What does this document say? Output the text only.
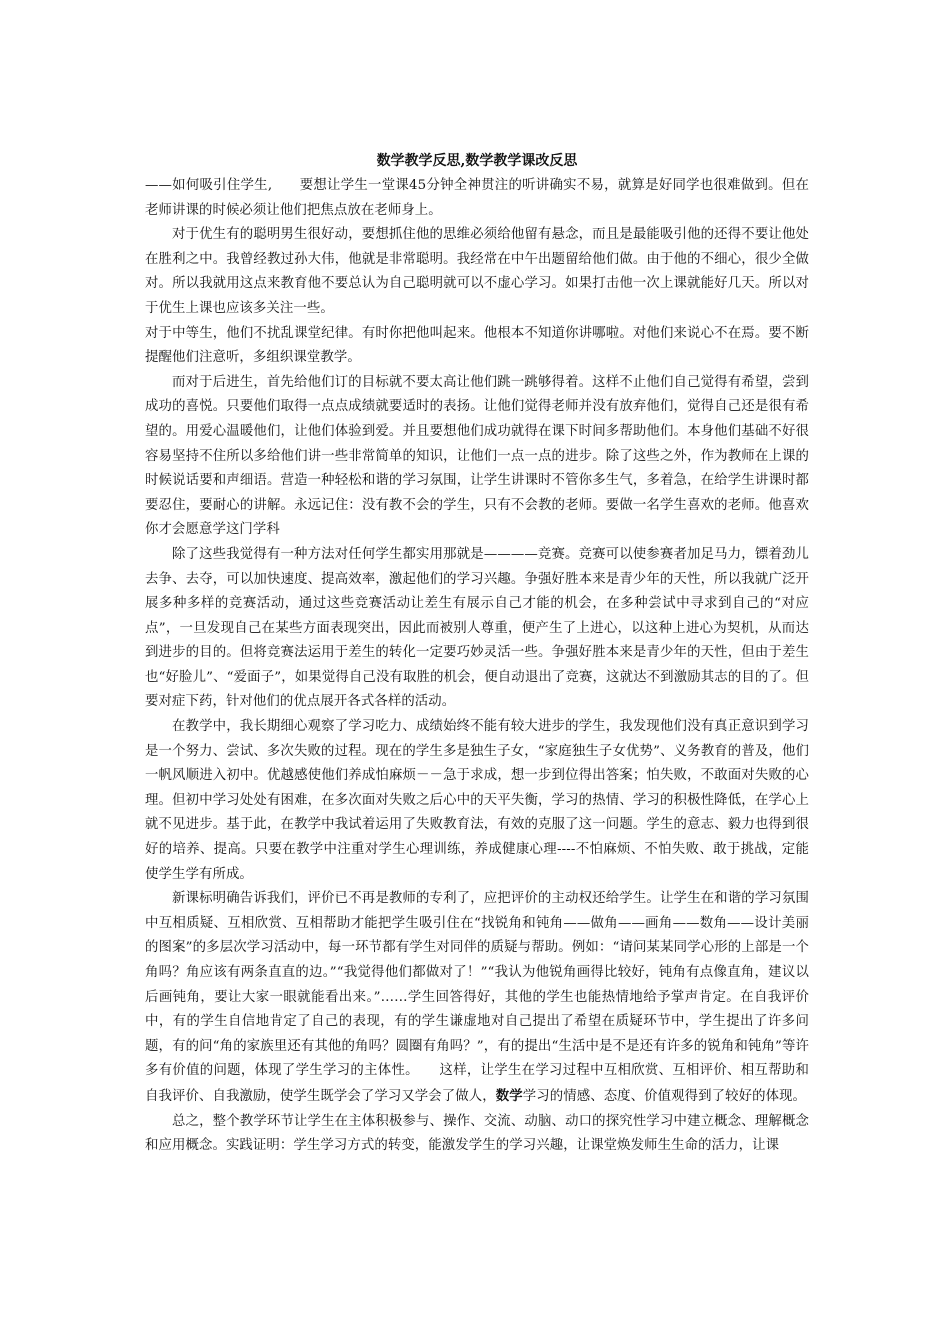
数学教学反思,数学教学课改反思

——如何吸引住学生,　　要想让学生一堂课45分钟全神贯注的听讲确实不易，就算是好同学也很难做到。但在老师讲课的时候必须让他们把焦点放在老师身上。

对于优生有的聪明男生很好动，要想抓住他的思维必须给他留有悬念，而且是最能吸引他的还得不要让他处在胜利之中。我曾经教过孙大伟，他就是非常聪明。我经常在中午出题留给他们做。由于他的不细心，很少全做对。所以我就用这点来教育他不要总认为自己聪明就可以不虚心学习。如果打击他一次上课就能好几天。所以对于优生上课也应该多关注一些。

对于中等生，他们不扰乱课堂纪律。有时你把他叫起来。他根本不知道你讲哪啦。对他们来说心不在焉。要不断提醒他们注意听，多组织课堂教学。

而对于后进生，首先给他们订的目标就不要太高让他们跳一跳够得着。这样不止他们自己觉得有希望，尝到成功的喜悦。只要他们取得一点点成绩就要适时的表扬。让他们觉得老师并没有放弃他们，觉得自己还是很有希望的。用爱心温暖他们，让他们体验到爱。并且要想他们成功就得在课下时间多帮助他们。本身他们基础不好很容易坚持不住所以多给他们讲一些非常简单的知识，让他们一点一点的进步。除了这些之外，作为教师在上课的时候说话要和声细语。营造一种轻松和谐的学习氛围，让学生讲课时不管你多生气，多着急，在给学生讲课时都要忍住，要耐心的讲解。永远记住：没有教不会的学生，只有不会教的老师。要做一名学生喜欢的老师。他喜欢你才会愿意学这门学科

除了这些我觉得有一种方法对任何学生都实用那就是————竞赛。竞赛可以使参赛者加足马力，镖着劲儿去争、去夺，可以加快速度、提高效率，激起他们的学习兴趣。争强好胜本来是青少年的天性，所以我就广泛开展多种多样的竞赛活动，通过这些竞赛活动让差生有展示自己才能的机会，在多种尝试中寻求到自己的“对应点”，一旦发现自己在某些方面表现突出，因此而被别人尊重，便产生了上进心，以这种上进心为契机，从而达到进步的目的。但将竞赛法运用于差生的转化一定要巧妙灵活一些。争强好胜本来是青少年的天性，但由于差生也“好脸儿”、“爱面子”，如果觉得自己没有取胜的机会，便自动退出了竞赛，这就达不到激励其志的目的了。但要对症下药，针对他们的优点展开各式各样的活动。

在教学中，我长期细心观察了学习吃力、成绩始终不能有较大进步的学生，我发现他们没有真正意识到学习是一个努力、尝试、多次失败的过程。现在的学生多是独生子女，“家庭独生子女优势”、义务教育的普及，他们一帆风顺进入初中。优越感使他们养成怕麻烦－－急于求成，想一步到位得出答案；怕失败，不敢面对失败的心理。但初中学习处处有困难，在多次面对失败之后心中的天平失衡，学习的热情、学习的积极性降低，在学心上就不见进步。基于此，在教学中我试着运用了失败教育法，有效的克服了这一问题。学生的意志、毅力也得到很好的培养、提高。只要在教学中注重对学生心理训练，养成健康心理----不怕麻烦、不怕失败、敢于挑战，定能使学生学有所成。

新课标明确告诉我们，评价已不再是教师的专利了，应把评价的主动权还给学生。让学生在和谐的学习氛围中互相质疑、互相欣赏、互相帮助才能把学生吸引住在“找锐角和钝角——做角——画角——数角——设计美丽的图案”的多层次学习活动中，每一环节都有学生对同伴的质疑与帮助。例如：“请问某某同学心形的上部是一个角吗？角应该有两条直直的边。”“我觉得他们都做对了！”“我认为他锐角画得比较好，钝角有点像直角，建议以后画钝角，要让大家一眼就能看出来。”……学生回答得好，其他的学生也能热情地给予掌声肯定。在自我评价中，有的学生自信地肯定了自己的表现，有的学生谦虚地对自己提出了希望在质疑环节中，学生提出了许多问题，有的问“角的家族里还有其他的角吗？圆圈有角吗？”，有的提出“生活中是不是还有许多的锐角和钝角”等许多有价值的问题，体现了学生学习的主体性。　　这样，让学生在学习过程中互相欣赏、互相评价、相互帮助和自我评价、自我激励，使学生既学会了学习又学会了做人，数学学习的情感、态度、价值观得到了较好的体现。

总之，整个教学环节让学生在主体积极参与、操作、交流、动脑、动口的探究性学习中建立概念、理解概念和应用概念。实践证明：学生学习方式的转变，能激发学生的学习兴趣，让课堂焕发师生生命的活力，让课
